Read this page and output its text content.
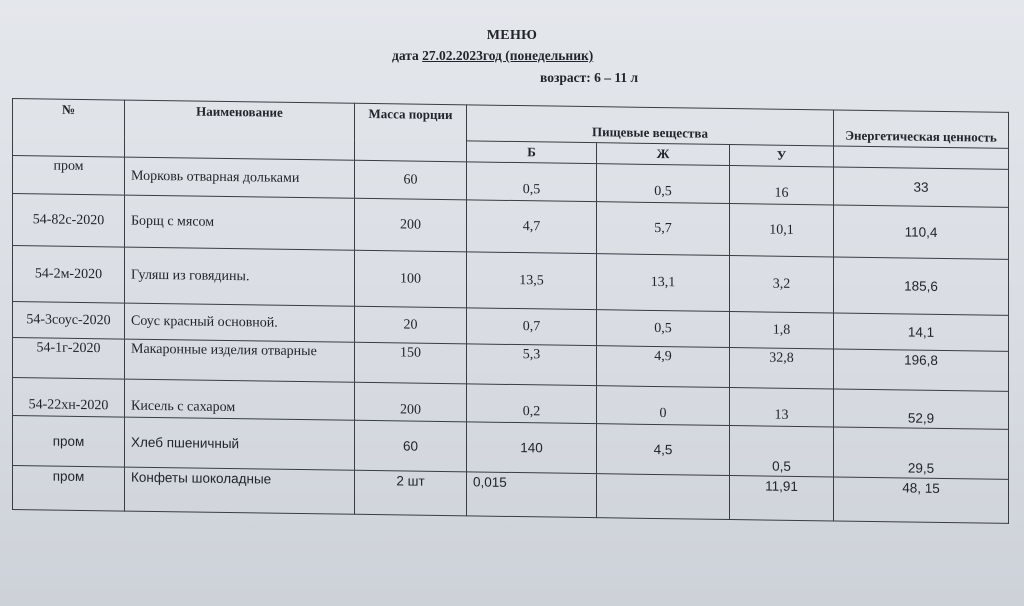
МЕНЮ
дата 27.02.2023год (понедельник)
возраст: 6 – 11 л
№	Наименование	Масса порции	Пищевые вещества			Энергетическая ценность
			Б	Ж	У	
пром	Морковь отварная дольками	60	0,5	0,5	16	33
54-82с-2020	Борщ с мясом	200	4,7	5,7	10,1	110,4
54-2м-2020	Гуляш из говядины.	100	13,5	13,1	3,2	185,6
54-3соус-2020	Соус красный основной.	20	0,7	0,5	1,8	14,1
54-1г-2020	Макаронные изделия отварные	150	5,3	4,9	32,8	196,8
54-22хн-2020	Кисель с сахаром	200	0,2	0	13	52,9
пром	Хлеб пшеничный	60	140	4,5	0,5	29,5
пром	Конфеты шоколадные	2 шт	0,015		11,91	48, 15
